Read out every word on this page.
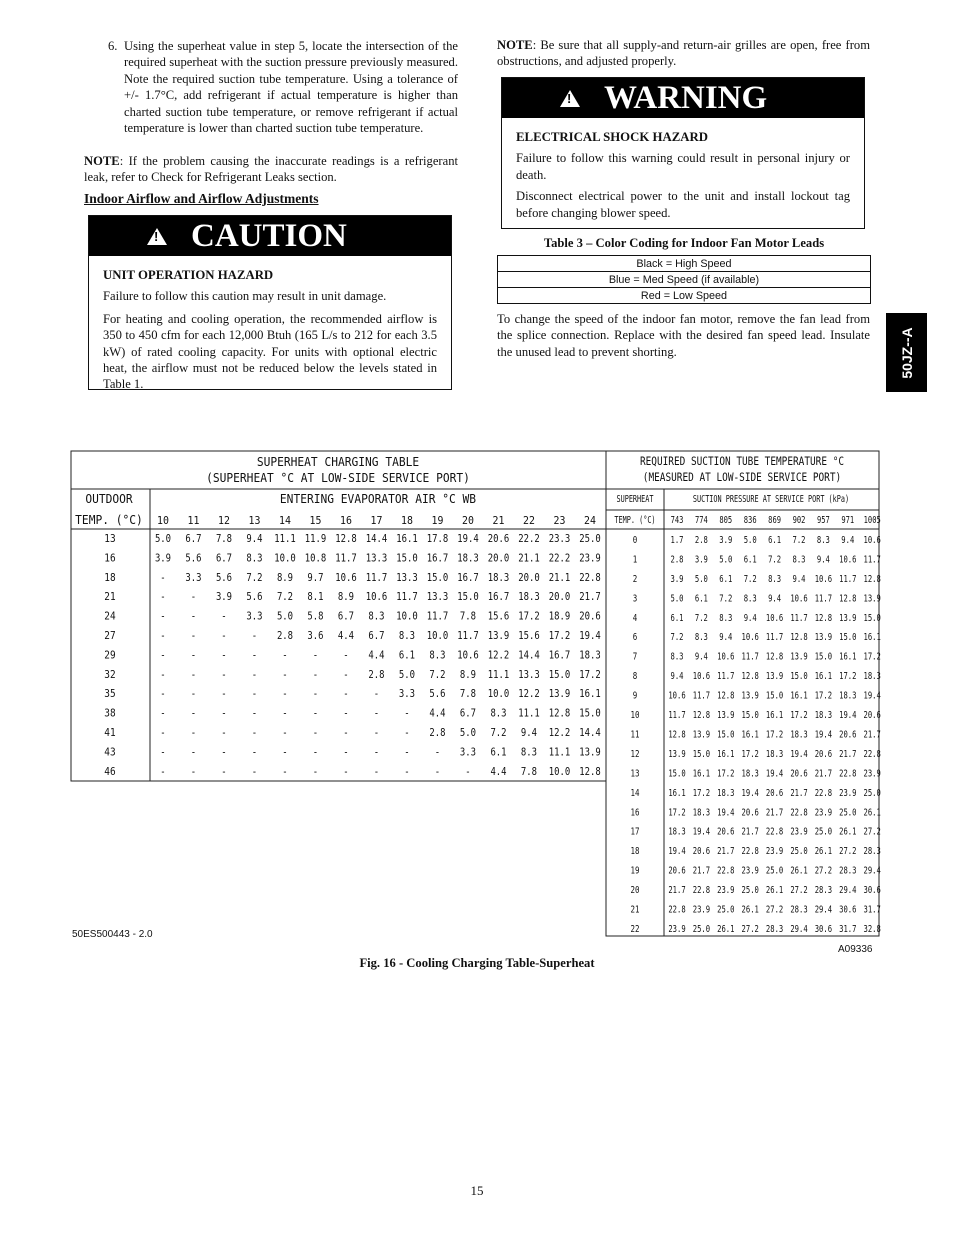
6. Using the superheat value in step 5, locate the intersection of the required superheat with the suction pressure previously measured. Note the required suction tube temperature. Using a tolerance of +/- 1.7°C, add refrigerant if actual temperature is higher than charted suction tube temperature, or remove refrigerant if actual temperature is lower than charted suction tube temperature.

NOTE: If the problem causing the inaccurate readings is a refrigerant leak, refer to Check for Refrigerant Leaks section.

Indoor Airflow and Airflow Adjustments
!
CAUTION

UNIT OPERATION HAZARD

Failure to follow this caution may result in unit damage.

For heating and cooling operation, the recommended airflow is 350 to 450 cfm for each 12,000 Btuh (165 L/s to 212 for each 3.5 kW) of rated cooling capacity. For units with optional electric heat, the airflow must not be reduced below the levels stated in Table 1.

NOTE: Be sure that all supply-and return-air grilles are open, free from obstructions, and adjusted properly.

!
WARNING

ELECTRICAL SHOCK HAZARD

Failure to follow this warning could result in personal injury or death.

Disconnect electrical power to the unit and install lockout tag before changing blower speed.

Table 3 – Color Coding for Indoor Fan Motor Leads
Black = High Speed
Blue = Med Speed (if available)
Red = Low Speed

To change the speed of the indoor fan motor, remove the fan lead from the splice connection. Replace with the desired fan speed lead. Insulate the unused lead to prevent shorting.	50JZ--A
SUPERHEAT CHARGING TABLE
(SUPERHEAT °C AT LOW-SIDE SERVICE PORT)
OUTDOOR
TEMP. (°C)
ENTERING EVAPORATOR AIR °C WB
10 11 12 13 14 15 16 17 18 19 20 21 22 23 24
13	5.0 6.7 7.8 9.4 11.1 11.9 12.8 14.4 16.1 17.8 19.4 20.6 22.2 23.3 25.0
16	3.9 5.6 6.7 8.3 10.0 10.8 11.7 13.3 15.0 16.7 18.3 20.0 21.1 22.2 23.9
18	- 3.3 5.6 7.2 8.9 9.7 10.6 11.7 13.3 15.0 16.7 18.3 20.0 21.1 22.8
21	- - 3.9 5.6 7.2 8.1 8.9 10.6 11.7 13.3 15.0 16.7 18.3 20.0 21.7
24	- - - 3.3 5.0 5.8 6.7 8.3 10.0 11.7 7.8 15.6 17.2 18.9 20.6
27	- - - - 2.8 3.6 4.4 6.7 8.3 10.0 11.7 13.9 15.6 17.2 19.4
29	- - - - - - - 4.4 6.1 8.3 10.6 12.2 14.4 16.7 18.3
32	- - - - - - - 2.8 5.0 7.2 8.9 11.1 13.3 15.0 17.2
35	- - - - - - - - 3.3 5.6 7.8 10.0 12.2 13.9 16.1
38	- - - - - - - - - 4.4 6.7 8.3 11.1 12.8 15.0
41	- - - - - - - - - 2.8 5.0 7.2 9.4 12.2 14.4
43	- - - - - - - - - - 3.3 6.1 8.3 11.1 13.9
46	- - - - - - - - - - - 4.4 7.8 10.0 12.8
REQUIRED SUCTION TUBE TEMPERATURE °C
(MEASURED AT LOW-SIDE SERVICE PORT)
SUPERHEAT
TEMP. (°C)
SUCTION PRESSURE AT SERVICE PORT (kPa)
743 774 805 836 869 902 957 971 1005
0	1.7 2.8 3.9 5.0 6.1 7.2 8.3 9.4 10.6
1	2.8 3.9 5.0 6.1 7.2 8.3 9.4 10.6 11.7
2	3.9 5.0 6.1 7.2 8.3 9.4 10.6 11.7 12.8
3	5.0 6.1 7.2 8.3 9.4 10.6 11.7 12.8 13.9
4	6.1 7.2 8.3 9.4 10.6 11.7 12.8 13.9 15.0
6	7.2 8.3 9.4 10.6 11.7 12.8 13.9 15.0 16.1
7	8.3 9.4 10.6 11.7 12.8 13.9 15.0 16.1 17.2
8	9.4 10.6 11.7 12.8 13.9 15.0 16.1 17.2 18.3
9	10.6 11.7 12.8 13.9 15.0 16.1 17.2 18.3 19.4
10	11.7 12.8 13.9 15.0 16.1 17.2 18.3 19.4 20.6
11	12.8 13.9 15.0 16.1 17.2 18.3 19.4 20.6 21.7
12	13.9 15.0 16.1 17.2 18.3 19.4 20.6 21.7 22.8
13	15.0 16.1 17.2 18.3 19.4 20.6 21.7 22.8 23.9
14	16.1 17.2 18.3 19.4 20.6 21.7 22.8 23.9 25.0
16	17.2 18.3 19.4 20.6 21.7 22.8 23.9 25.0 26.1
17	18.3 19.4 20.6 21.7 22.8 23.9 25.0 26.1 27.2
18	19.4 20.6 21.7 22.8 23.9 25.0 26.1 27.2 28.3
19	20.6 21.7 22.8 23.9 25.0 26.1 27.2 28.3 29.4
20	21.7 22.8 23.9 25.0 26.1 27.2 28.3 29.4 30.6
21	22.8 23.9 25.0 26.1 27.2 28.3 29.4 30.6 31.7
22	23.9 25.0 26.1 27.2 28.3 29.4 30.6 31.7 32.8
50ES500443 - 2.0
A09336
Fig. 16 - Cooling Charging Table-Superheat
15
